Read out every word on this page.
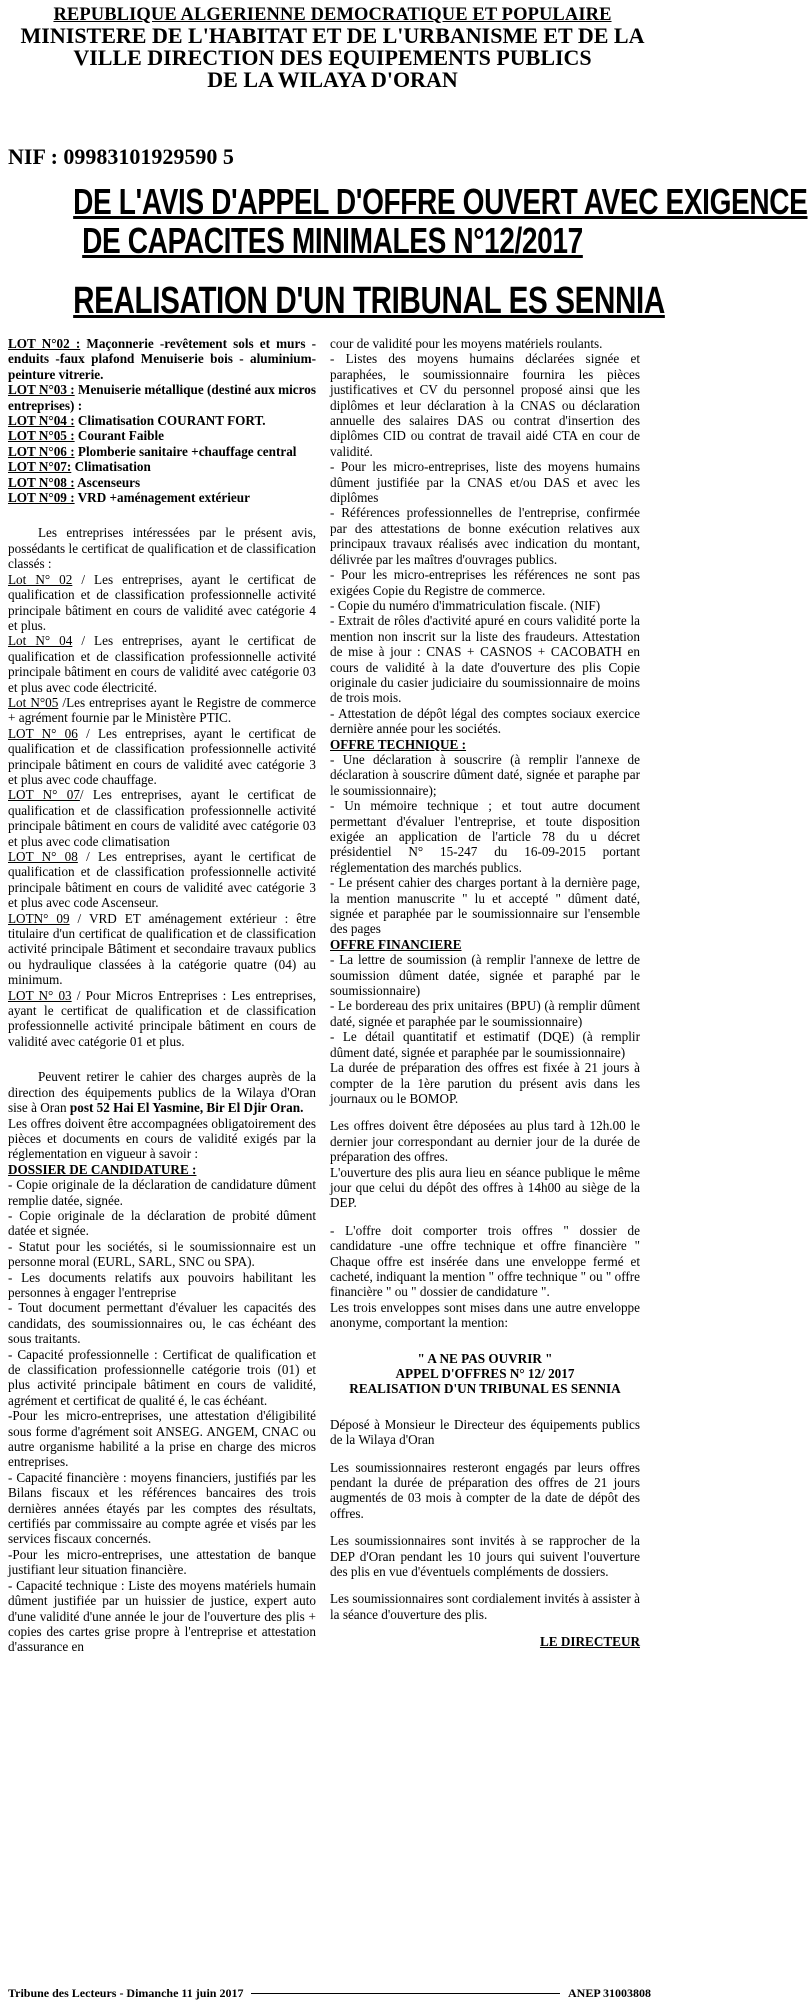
REPUBLIQUE ALGERIENNE DEMOCRATIQUE ET POPULAIRE

MINISTERE DE L'HABITAT ET DE L'URBANISME ET DE LA VILLE DIRECTION DES EQUIPEMENTS PUBLICS

DE LA WILAYA D'ORAN

NIF : 09983101929590 5
DE L'AVIS D'APPEL D'OFFRE OUVERT AVEC EXIGENCE
DE CAPACITES MINIMALES N°12/2017
REALISATION D'UN TRIBUNAL ES SENNIA

LOT N°02 : Maçonnerie -revêtement sols et murs -enduits -faux plafond Menuiserie bois - aluminium- peinture vitrerie.

LOT N°03 : Menuiserie métallique (destiné aux micros entreprises) :

LOT N°04 : Climatisation COURANT FORT.

LOT N°05 : Courant Faible

LOT N°06 : Plomberie sanitaire +chauffage central

LOT N°07: Climatisation

LOT N°08 : Ascenseurs

LOT N°09 : VRD +aménagement extérieur

Les entreprises intéressées par le présent avis, possédants le certificat de qualification et de classification classés :

Lot N° 02 / Les entreprises, ayant le certificat de qualification et de classification professionnelle activité principale bâtiment en cours de validité avec catégorie 4 et plus.

Lot N° 04 / Les entreprises, ayant le certificat de qualification et de classification professionnelle activité principale bâtiment en cours de validité avec catégorie 03 et plus avec code électricité.

Lot N°05 /Les entreprises ayant le Registre de commerce + agrément fournie par le Ministère PTIC.

LOT N° 06 / Les entreprises, ayant le certificat de qualification et de classification professionnelle activité principale bâtiment en cours de validité avec catégorie 3 et plus avec code chauffage.

LOT N° 07/ Les entreprises, ayant le certificat de qualification et de classification professionnelle activité principale bâtiment en cours de validité avec catégorie 03 et plus avec code climatisation

LOT N° 08 / Les entreprises, ayant le certificat de qualification et de classification professionnelle activité principale bâtiment en cours de validité avec catégorie 3 et plus avec code Ascenseur.

LOTN° 09 / VRD ET aménagement extérieur : être titulaire d'un certificat de qualification et de classification activité principale Bâtiment et secondaire travaux publics ou hydraulique classées à la catégorie quatre (04) au minimum.

LOT N° 03 / Pour Micros Entreprises : Les entreprises, ayant le certificat de qualification et de classification professionnelle activité principale bâtiment en cours de validité avec catégorie 01 et plus.

Peuvent retirer le cahier des charges auprès de la direction des équipements publics de la Wilaya d'Oran sise à Oran post 52 Hai El Yasmine, Bir El Djir Oran.

Les offres doivent être accompagnées obligatoirement des pièces et documents en cours de validité exigés par la réglementation en vigueur à savoir :

DOSSIER DE CANDIDATURE :

- Copie originale de la déclaration de candidature dûment remplie datée, signée.

- Copie originale de la déclaration de probité dûment datée et signée.

- Statut pour les sociétés, si le soumissionnaire est un personne moral (EURL, SARL, SNC ou SPA).

- Les documents relatifs aux pouvoirs habilitant les personnes à engager l'entreprise

- Tout document permettant d'évaluer les capacités des candidats, des soumissionnaires ou, le cas échéant des sous traitants.

- Capacité professionnelle : Certificat de qualification et de classification professionnelle catégorie trois (01) et plus activité principale bâtiment en cours de validité, agrément et certificat de qualité é, le cas échéant.

-Pour les micro-entreprises, une attestation d'éligibilité sous forme d'agrément soit ANSEG. ANGEM, CNAC ou autre organisme habilité a la prise en charge des micros entreprises.

- Capacité financière : moyens financiers, justifiés par les Bilans fiscaux et les références bancaires des trois dernières années étayés par les comptes des résultats, certifiés par commissaire au compte agrée et visés par les services fiscaux concernés.

-Pour les micro-entreprises, une attestation de banque justifiant leur situation financière.

- Capacité technique : Liste des moyens matériels humain dûment justifiée par un huissier de justice, expert auto d'une validité d'une année le jour de l'ouverture des plis + copies des cartes grise propre à l'entreprise et attestation d'assurance en

cour de validité pour les moyens matériels roulants.

- Listes des moyens humains déclarées signée et paraphées, le soumissionnaire fournira les pièces justificatives et CV du personnel proposé ainsi que les diplômes et leur déclaration à la CNAS ou déclaration annuelle des salaires DAS ou contrat d'insertion des diplômes CID ou contrat de travail aidé CTA en cour de validité.

- Pour les micro-entreprises, liste des moyens humains dûment justifiée par la CNAS et/ou DAS et avec les diplômes

- Références professionnelles de l'entreprise, confirmée par des attestations de bonne exécution relatives aux principaux travaux réalisés avec indication du montant, délivrée par les maîtres d'ouvrages publics.

- Pour les micro-entreprises les références ne sont pas exigées Copie du Registre de commerce.

- Copie du numéro d'immatriculation fiscale. (NIF)

- Extrait de rôles d'activité apuré en cours validité porte la mention non inscrit sur la liste des fraudeurs. Attestation de mise à jour : CNAS + CASNOS + CACOBATH en cours de validité à la date d'ouverture des plis Copie originale du casier judiciaire du soumissionnaire de moins de trois mois.

- Attestation de dépôt légal des comptes sociaux exercice dernière année pour les sociétés.

OFFRE TECHNIQUE :

- Une déclaration à souscrire (à remplir l'annexe de déclaration à souscrire dûment daté, signée et paraphe par le soumissionnaire);

- Un mémoire technique ; et tout autre document permettant d'évaluer l'entreprise, et toute disposition exigée an application de l'article 78 du u décret présidentiel N° 15-247 du 16-09-2015 portant réglementation des marchés publics.

- Le présent cahier des charges portant à la dernière page, la mention manuscrite " lu et accepté " dûment daté, signée et paraphée par le soumissionnaire sur l'ensemble des pages

OFFRE FINANCIERE

- La lettre de soumission (à remplir l'annexe de lettre de soumission dûment datée, signée et paraphé par le soumissionnaire)

- Le bordereau des prix unitaires (BPU) (à remplir dûment daté, signée et paraphée par le soumissionnaire)

- Le détail quantitatif et estimatif (DQE) (à remplir dûment daté, signée et paraphée par le soumissionnaire)

La durée de préparation des offres est fixée à 21 jours à compter de la 1ère parution du présent avis dans les journaux ou le BOMOP.

Les offres doivent être déposées au plus tard à 12h.00 le dernier jour correspondant au dernier jour de la durée de préparation des offres.

L'ouverture des plis aura lieu en séance publique le même jour que celui du dépôt des offres à 14h00 au siège de la DEP.

- L'offre doit comporter trois offres " dossier de candidature -une offre technique et offre financière " Chaque offre est insérée dans une enveloppe fermé et cacheté, indiquant la mention " offre technique " ou " offre financière " ou " dossier de candidature ".

Les trois enveloppes sont mises dans une autre enveloppe anonyme, comportant la mention:

" A NE PAS OUVRIR "

APPEL D'OFFRES N° 12/ 2017

REALISATION D'UN TRIBUNAL ES SENNIA

Déposé à Monsieur le Directeur des équipements publics de la Wilaya d'Oran

Les soumissionnaires resteront engagés par leurs offres pendant la durée de préparation des offres de 21 jours augmentés de 03 mois à compter de la date de dépôt des offres.

Les soumissionnaires sont invités à se rapprocher de la DEP d'Oran pendant les 10 jours qui suivent l'ouverture des plis en vue d'éventuels compléments de dossiers.

Les soumissionnaires sont cordialement invités à assister à la séance d'ouverture des plis.

LE DIRECTEUR

Tribune des Lecteurs - Dimanche 11 juin 2017	ANEP 31003808
